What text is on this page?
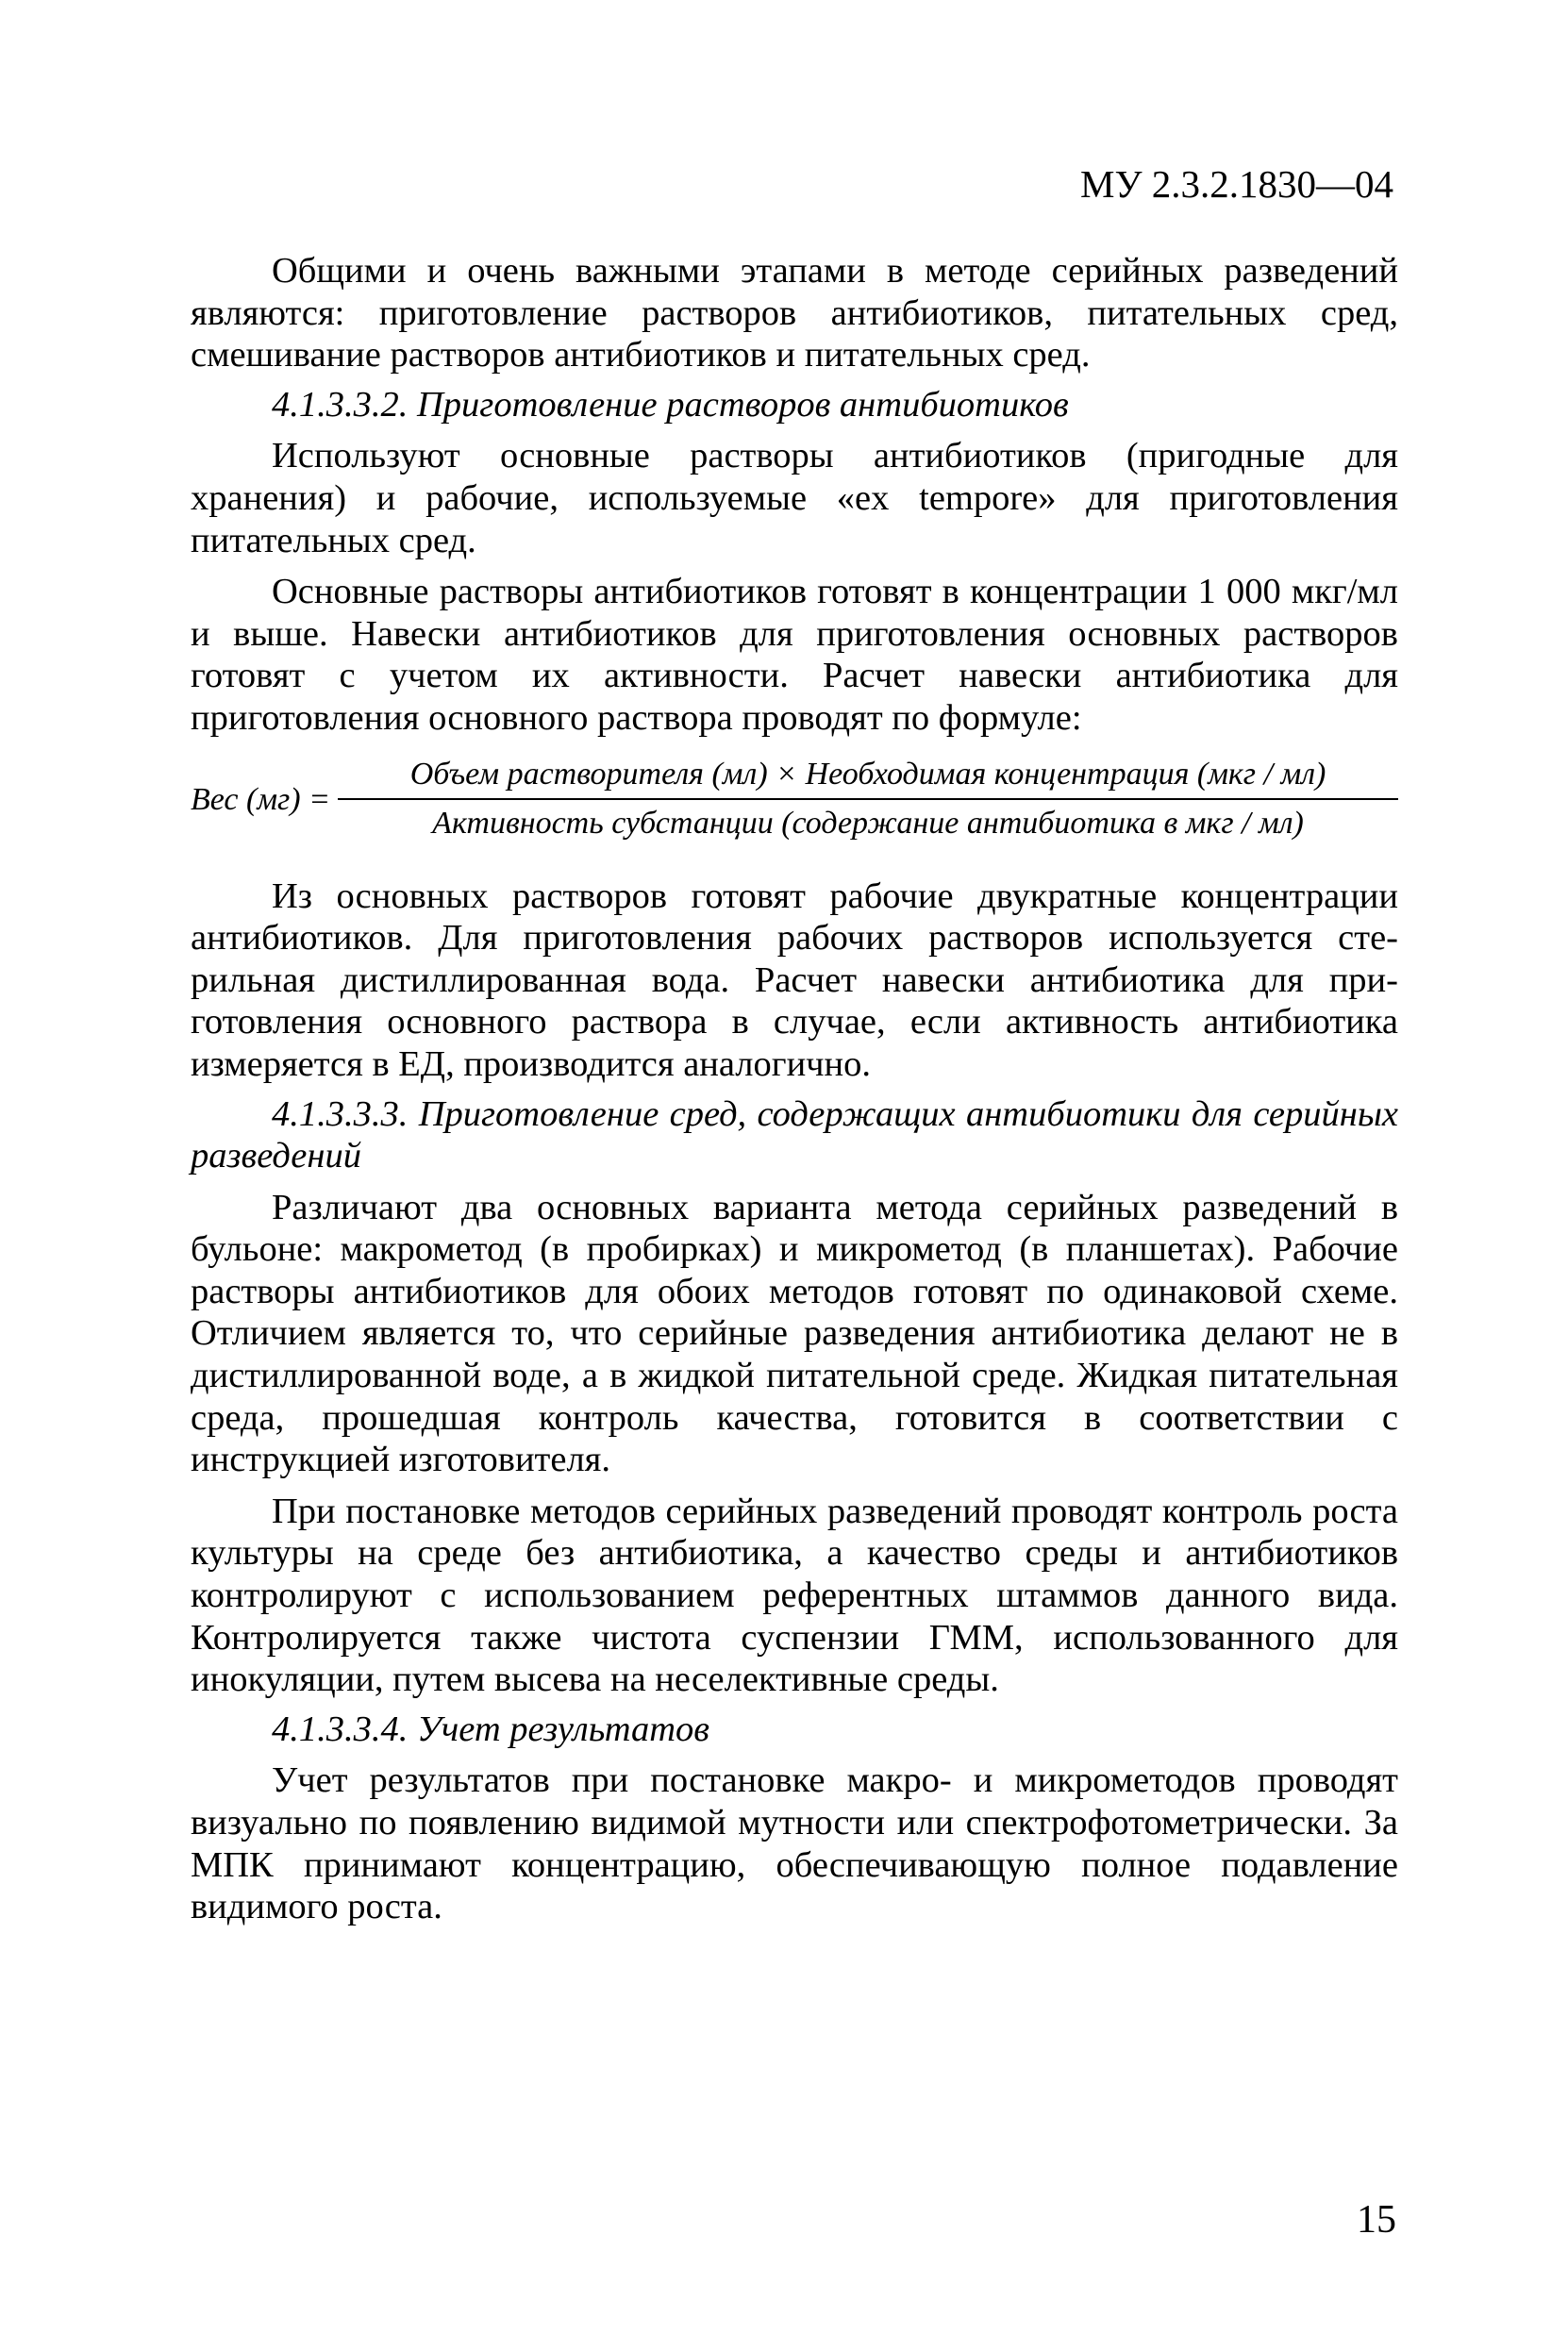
МУ 2.3.2.1830—04

Общими и очень важными этапами в методе серийных разведений являются: приготовление растворов антибиотиков, питательных сред, смешивание растворов антибиотиков и питательных сред.

4.1.3.3.2. Приготовление растворов антибиотиков

Используют основные растворы антибиотиков (пригодные для хранения) и рабочие, используемые «ex tempore» для приготовления питательных сред.

Основные растворы антибиотиков готовят в концентрации 1 000 мкг/мл и выше. Навески антибиотиков для приготовления основных растворов готовят с учетом их активности. Расчет навески антибиотика для приготовления основного раствора проводят по формуле:

Вес (мг) =
Объем растворителя (мл) × Необходимая концентрация (мкг / мл)
Активность субстанции (содержание антибиотика в мкг / мл)

Из основных растворов готовят рабочие двукратные концентрации антибиотиков. Для приготовления рабочих растворов используется стерильная дистиллированная вода. Расчет навески антибиотика для приготовления основного раствора в случае, если активность антибиотика измеряется в ЕД, производится аналогично.

4.1.3.3.3. Приготовление сред, содержащих антибиотики для серийных разведений

Различают два основных варианта метода серийных разведений в бульоне: макрометод (в пробирках) и микрометод (в планшетах). Рабочие растворы антибиотиков для обоих методов готовят по одинаковой схеме. Отличием является то, что серийные разведения антибиотика делают не в дистиллированной воде, а в жидкой питательной среде. Жидкая питательная среда, прошедшая контроль качества, готовится в соответствии с инструкцией изготовителя.

При постановке методов серийных разведений проводят контроль роста культуры на среде без антибиотика, а качество среды и антибиотиков контролируют с использованием референтных штаммов данного вида. Контролируется также чистота суспензии ГММ, использованного для инокуляции, путем высева на неселективные среды.

4.1.3.3.4. Учет результатов

Учет результатов при постановке макро- и микрометодов проводят визуально по появлению видимой мутности или спектрофотометрически. За МПК принимают концентрацию, обеспечивающую полное подавление видимого роста.

15
